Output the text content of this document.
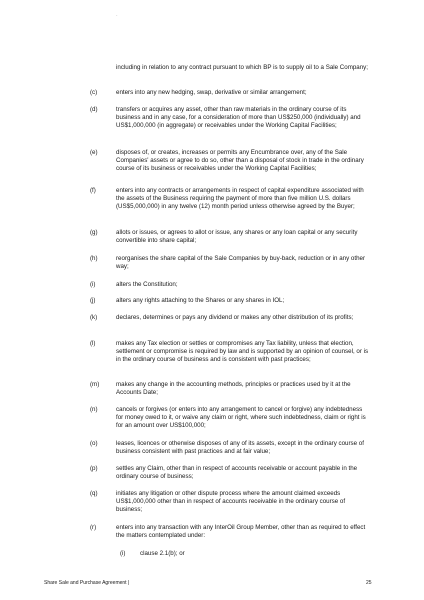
-
including in relation to any contract pursuant to which BP is to supply oil to a Sale Company;
(c)	enters into any new hedging, swap, derivative or similar arrangement;
(d)	transfers or acquires any asset, other than raw materials in the ordinary course of its business and in any case, for a consideration of more than US$250,000 (individually) and US$1,000,000 (in aggregate) or receivables under the Working Capital Facilities;
(e)	disposes of, or creates, increases or permits any Encumbrance over, any of the Sale Companies' assets or agree to do so, other than a disposal of stock in trade in the ordinary course of its business or receivables under the Working Capital Facilities;
(f)	enters into any contracts or arrangements in respect of capital expenditure associated with the assets of the Business requiring the payment of more than five million U.S. dollars (US$5,000,000) in any twelve (12) month period unless otherwise agreed by the Buyer;
(g)	allots or issues, or agrees to allot or issue, any shares or any loan capital or any security convertible into share capital;
(h)	reorganises the share capital of the Sale Companies by buy-back, reduction or in any other way;
(i)	alters the Constitution;
(j)	alters any rights attaching to the Shares or any shares in IOL;
(k)	declares, determines or pays any dividend or makes any other distribution of its profits;
(l)	makes any Tax election or settles or compromises any Tax liability, unless that election, settlement or compromise is required by law and is supported by an opinion of counsel, or is in the ordinary course of business and is consistent with past practices;
(m)	makes any change in the accounting methods, principles or practices used by it at the Accounts Date;
(n)	cancels or forgives (or enters into any arrangement to cancel or forgive) any indebtedness for money owed to it, or waive any claim or right, where such indebtedness, claim or right is for an amount over US$100,000;
(o)	leases, licences or otherwise disposes of any of its assets, except in the ordinary course of business consistent with past practices and at fair value;
(p)	settles any Claim, other than in respect of accounts receivable or account payable in the ordinary course of business;
(q)	initiates any litigation or other dispute process where the amount claimed exceeds US$1,000,000 other than in respect of accounts receivable in the ordinary course of business;
(r)	enters into any transaction with any InterOil Group Member, other than as required to effect the matters contemplated under:
(i) clause 2.1(b); or
Share Sale and Purchase Agreement |	25
